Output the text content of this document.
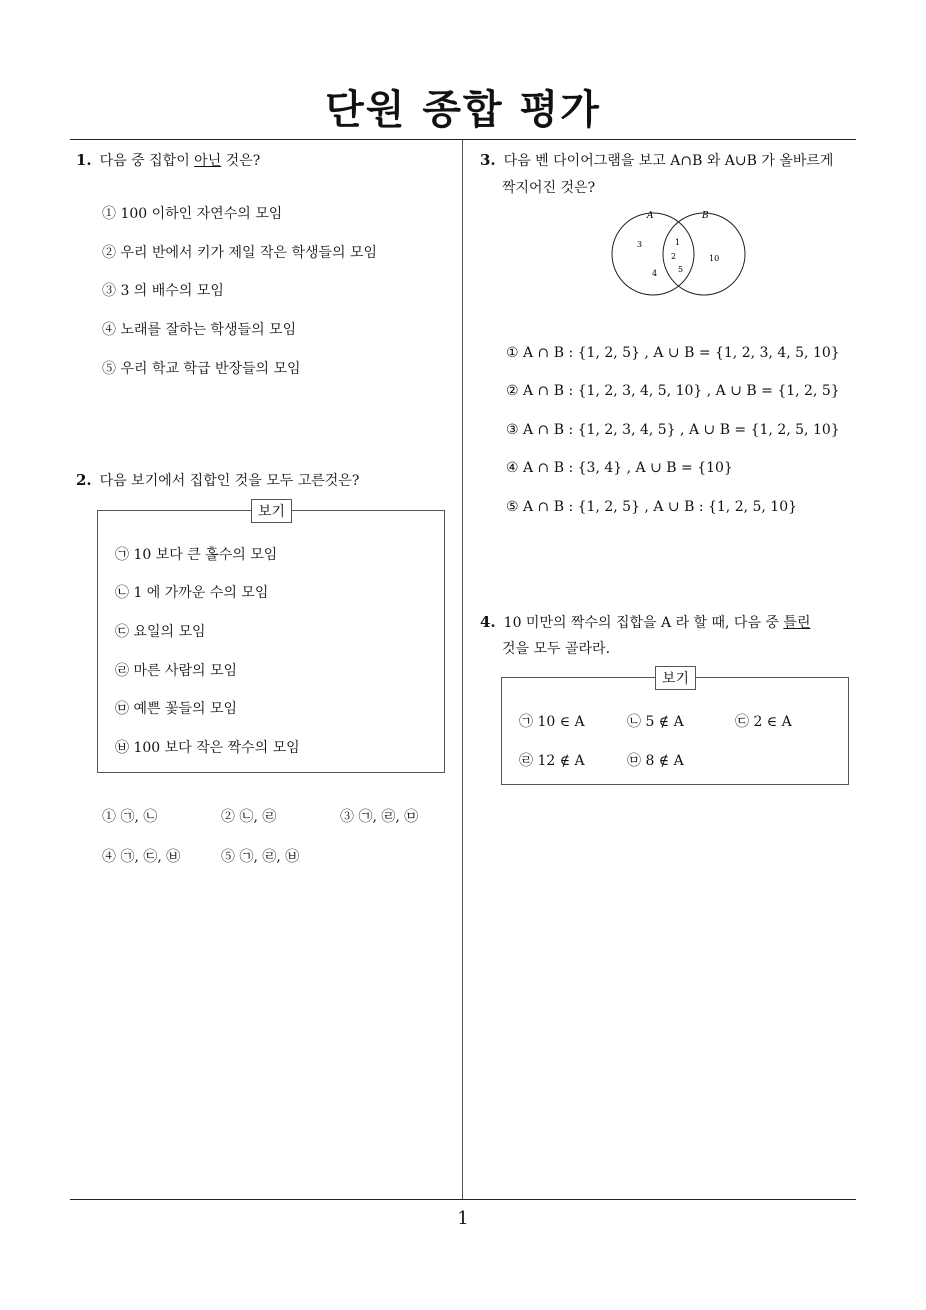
단원 종합 평가
1
1. 다음 중 집합이 아닌 것은?
① 100 이하인 자연수의 모임
② 우리 반에서 키가 제일 작은 학생들의 모임
③ 3 의 배수의 모임
④ 노래를 잘하는 학생들의 모임
⑤ 우리 학교 학급 반장들의 모임
2. 다음 보기에서 집합인 것을 모두 고른것은?
보기
㉠ 10 보다 큰 홀수의 모임
㉡ 1 에 가까운 수의 모임
㉢ 요일의 모임
㉣ 마른 사람의 모임
㉤ 예쁜 꽃들의 모임
㉥ 100 보다 작은 짝수의 모임
① ㉠, ㉡	② ㉡, ㉣	③ ㉠, ㉣, ㉤
④ ㉠, ㉢, ㉥	⑤ ㉠, ㉣, ㉥
3. 다음 벤 다이어그램을 보고 A∩B 와 A∪B 가 올바르게
짝지어진 것은?
A	B
3
4
1
2
5
10
① A ∩ B : {1, 2, 5} , A ∪ B = {1, 2, 3, 4, 5, 10}
② A ∩ B : {1, 2, 3, 4, 5, 10} , A ∪ B = {1, 2, 5}
③ A ∩ B : {1, 2, 3, 4, 5} , A ∪ B = {1, 2, 5, 10}
④ A ∩ B : {3, 4} , A ∪ B = {10}
⑤ A ∩ B : {1, 2, 5} , A ∪ B : {1, 2, 5, 10}
4. 10 미만의 짝수의 집합을 A 라 할 때, 다음 중 틀린
것을 모두 골라라.
보기
㉠ 10 ∈ A	㉡ 5 ∉ A	㉢ 2 ∈ A
㉣ 12 ∉ A	㉤ 8 ∉ A
